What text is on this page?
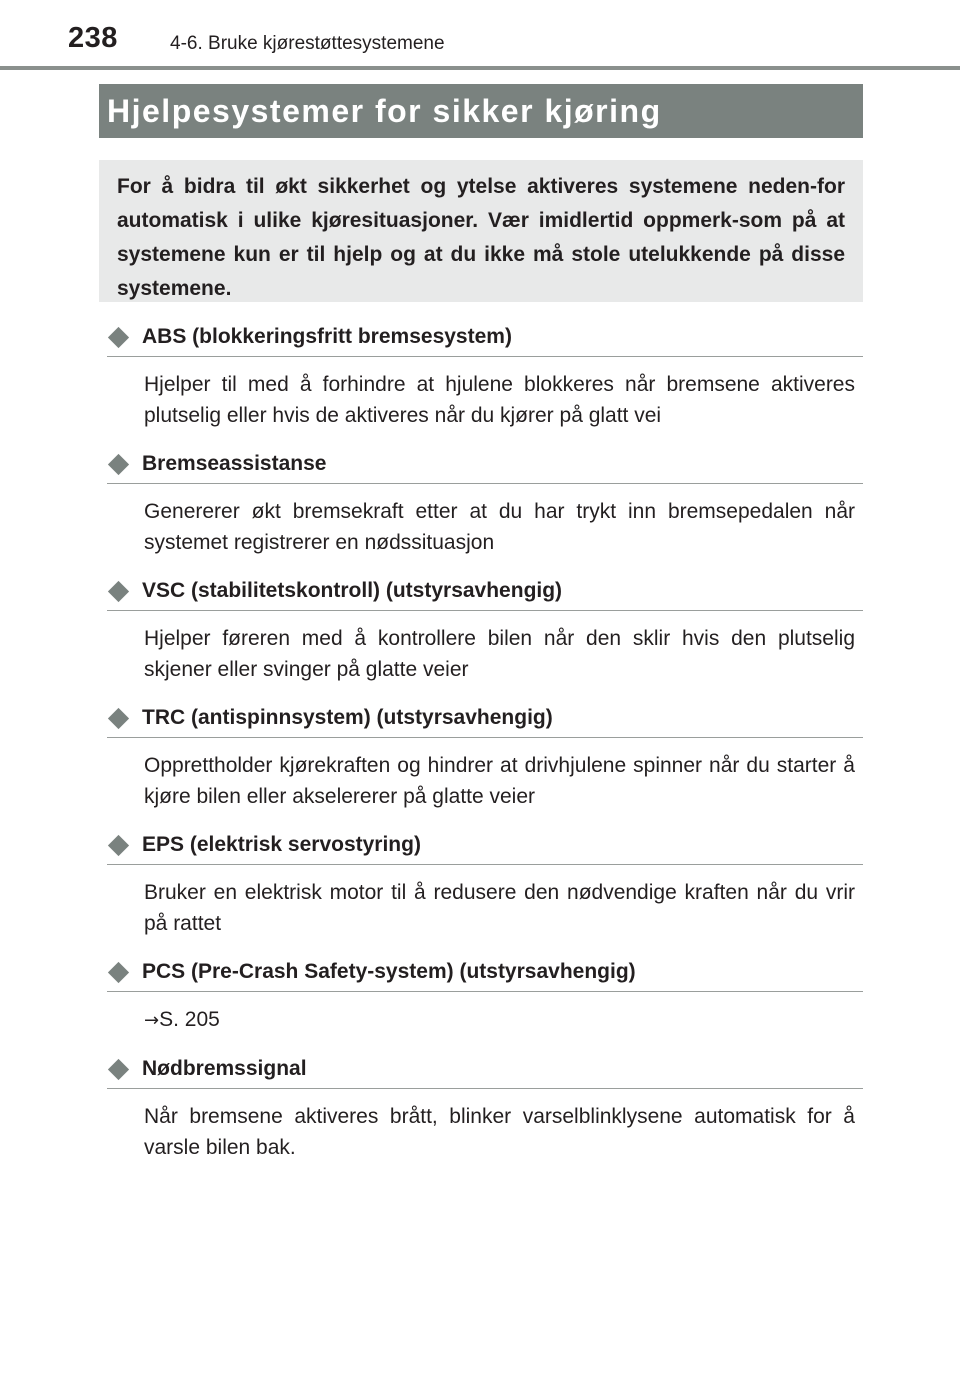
238	4-6. Bruke kjørestøttesystemene
Hjelpesystemer for sikker kjøring

For å bidra til økt sikkerhet og ytelse aktiveres systemene neden-for automatisk i ulike kjøresituasjoner. Vær imidlertid oppmerk-som på at systemene kun er til hjelp og at du ikke må stole utelukkende på disse systemene.

ABS (blokkeringsfritt bremsesystem)

Hjelper til med å forhindre at hjulene blokkeres når bremsene aktiveres plutselig eller hvis de aktiveres når du kjører på glatt vei

Bremseassistanse

Genererer økt bremsekraft etter at du har trykt inn bremsepedalen når systemet registrerer en nødssituasjon

VSC (stabilitetskontroll) (utstyrsavhengig)

Hjelper føreren med å kontrollere bilen når den sklir hvis den plutselig skjener eller svinger på glatte veier

TRC (antispinnsystem) (utstyrsavhengig)

Opprettholder kjørekraften og hindrer at drivhjulene spinner når du starter å kjøre bilen eller akselererer på glatte veier

EPS (elektrisk servostyring)

Bruker en elektrisk motor til å redusere den nødvendige kraften når du vrir på rattet

PCS (Pre-Crash Safety-system) (utstyrsavhengig)

→S. 205

Nødbremssignal

Når bremsene aktiveres brått, blinker varselblinklysene automatisk for å varsle bilen bak.
